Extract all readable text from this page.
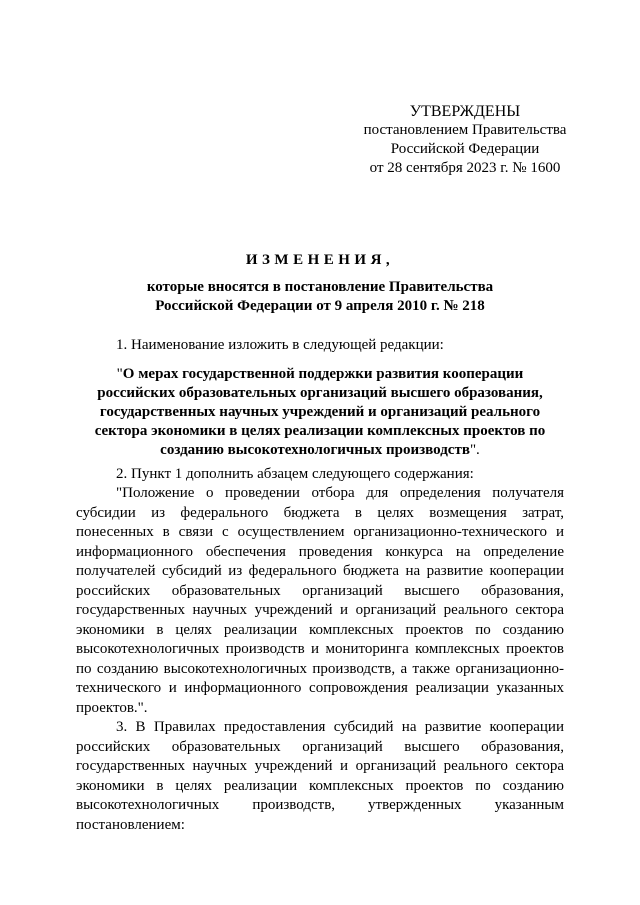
УТВЕРЖДЕНЫ
постановлением Правительства
Российской Федерации
от 28 сентября 2023 г. № 1600
ИЗМЕНЕНИЯ,
которые вносятся в постановление Правительства
Российской Федерации от 9 апреля 2010 г. № 218

1. Наименование изложить в следующей редакции:

"О мерах государственной поддержки развития кооперации российских образовательных организаций высшего образования, государственных научных учреждений и организаций реального сектора экономики в целях реализации комплексных проектов по созданию высокотехнологичных производств".

2. Пункт 1 дополнить абзацем следующего содержания:

"Положение о проведении отбора для определения получателя субсидии из федерального бюджета в целях возмещения затрат, понесенных в связи с осуществлением организационно-технического и информационного обеспечения проведения конкурса на определение получателей субсидий из федерального бюджета на развитие кооперации российских образовательных организаций высшего образования, государственных научных учреждений и организаций реального сектора экономики в целях реализации комплексных проектов по созданию высокотехнологичных производств и мониторинга комплексных проектов по созданию высокотехнологичных производств, а также организационно-технического и информационного сопровождения реализации указанных проектов.".

3. В Правилах предоставления субсидий на развитие кооперации российских образовательных организаций высшего образования, государственных научных учреждений и организаций реального сектора экономики в целях реализации комплексных проектов по созданию высокотехнологичных производств, утвержденных указанным постановлением:
